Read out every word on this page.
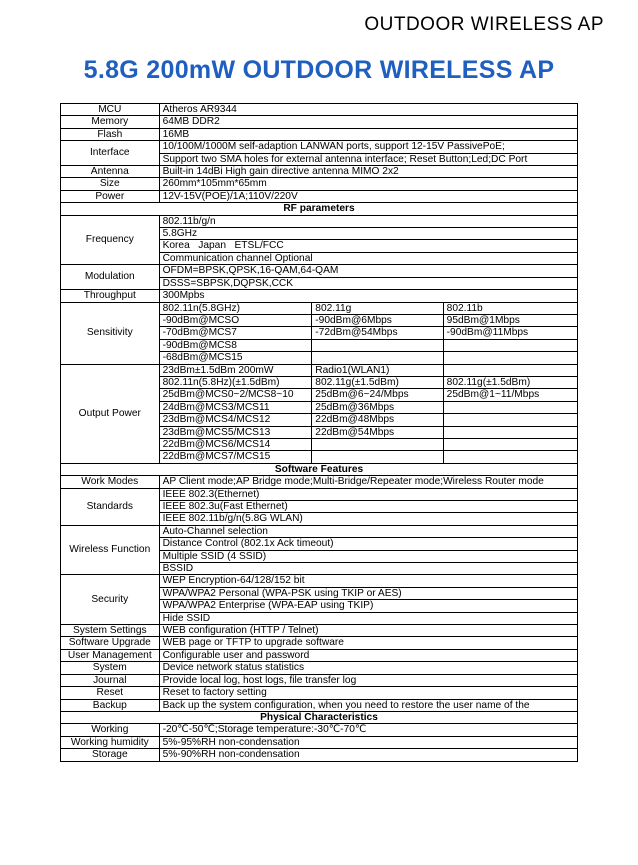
OUTDOOR WIRELESS AP
5.8G 200mW OUTDOOR WIRELESS AP
MCU	Atheros AR9344		
Memory	64MB DDR2		
Flash	16MB		
Interface	10/100M/1000M self-adaption LANWAN ports, support 12-15V PassivePoE;		
	Support two SMA holes for external antenna interface; Reset Button;Led;DC Port		
Antenna	Built-in 14dBi High gain directive antenna MIMO 2x2		
Size	260mm*105mm*65mm		
Power	12V-15V(POE)/1A;110V/220V		
RF parameters			
Frequency	802.11b/g/n		
	5.8GHz		
	Korea   Japan   ETSL/FCC		
	Communication channel Optional		
Modulation	OFDM=BPSK,QPSK,16-QAM,64-QAM		
	DSSS=SBPSK,DQPSK,CCK		
Throughput	300Mpbs		
Sensitivity	802.11n(5.8GHz)	802.11g	802.11b
	-90dBm@MCSO	-90dBm@6Mbps	95dBm@1Mbps
	-70dBm@MCS7	-72dBm@54Mbps	-90dBm@11Mbps
	-90dBm@MCS8		
	-68dBm@MCS15		
Output Power	23dBm±1.5dBm 200mW	Radio1(WLAN1)	
	802.11n(5.8Hz)(±1.5dBm)	802.11g(±1.5dBm)	802.11g(±1.5dBm)
	25dBm@MCS0~2/MCS8~10	25dBm@6~24/Mbps	25dBm@1~11/Mbps
	24dBm@MCS3/MCS11	25dBm@36Mbps	
	23dBm@MCS4/MCS12	22dBm@48Mbps	
	23dBm@MCS5/MCS13	22dBm@54Mbps	
	22dBm@MCS6/MCS14		
	22dBm@MCS7/MCS15		
Software Features			
Work Modes	AP Client mode;AP Bridge mode;Multi-Bridge/Repeater mode;Wireless Router mode		
Standards	IEEE 802.3(Ethernet)		
	IEEE 802.3u(Fast Ethernet)		
	IEEE 802.11b/g/n(5.8G WLAN)		
Wireless Function	Auto-Channel selection		
	Distance Control (802.1x Ack timeout)		
	Multiple SSID (4 SSID)		
	BSSID		
Security	WEP Encryption-64/128/152 bit		
	WPA/WPA2 Personal (WPA-PSK using TKIP or AES)		
	WPA/WPA2 Enterprise (WPA-EAP using TKIP)		
	Hide SSID		
System Settings	WEB configuration (HTTP / Telnet)		
Software Upgrade	WEB page or TFTP to upgrade software		
User Management	Configurable user and password		
System	Device network status statistics		
Journal	Provide local log, host logs, file transfer log		
Reset	Reset to factory setting		
Backup	Back up the system configuration, when you need to restore the user name of the		
Physical Characteristics			
Working	-20℃-50℃;Storage temperature:-30℃-70℃		
Working humidity	5%-95%RH non-condensation		
Storage	5%-90%RH non-condensation		
